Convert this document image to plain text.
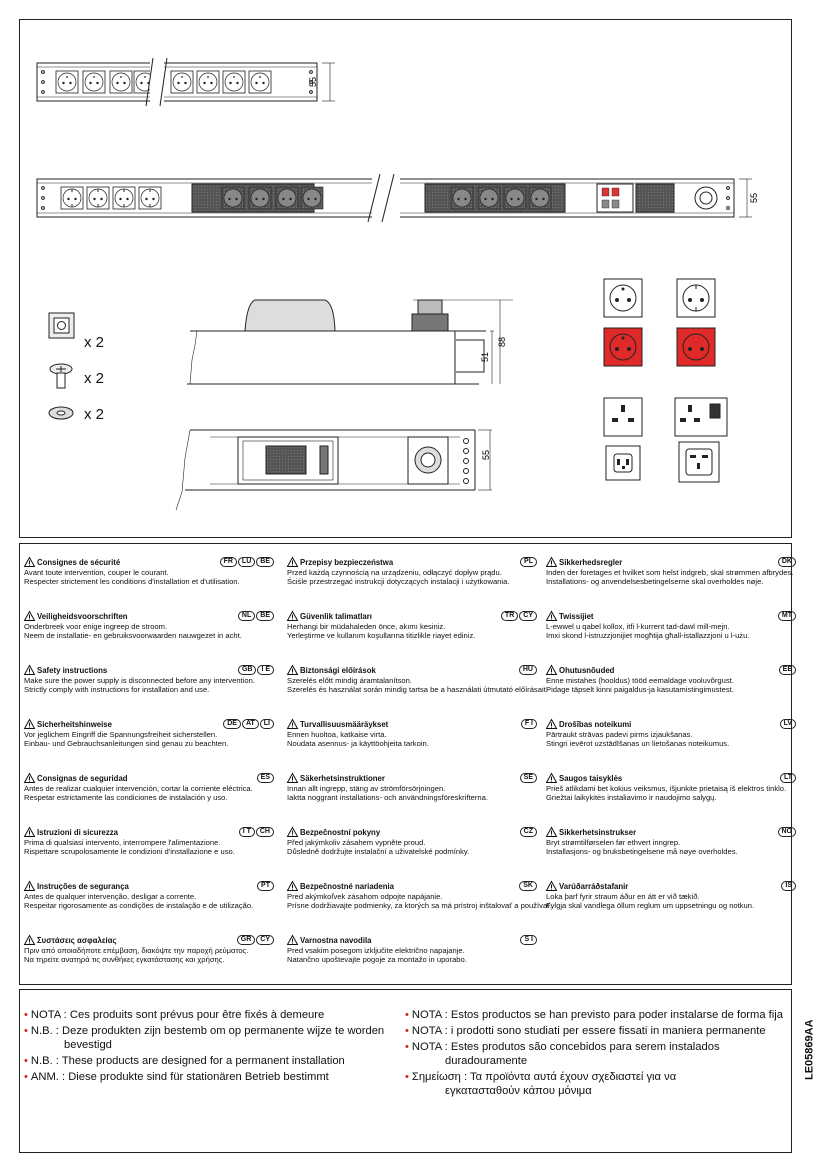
55
55
88
51
55
x 2
x 2
x 2
Consignes de sécurité	FR	LU	BE

Avant toute intervention, couper le courant.

Respecter strictement les conditions d'installation et d'utilisation.

Veiligheidsvoorschriften	NL	BE

Onderbreek voor enige ingreep de stroom.

Neem de installatie- en gebruiksvoorwaarden nauwgezet in acht.

Safety instructions	GB	I E

Make sure the power supply is disconnected before any intervention.

Strictly comply with instructions for installation and use.

Sicherheitshinweise	DE	AT	LI

Vor jeglichem Eingriff die Spannungsfreiheit sicherstellen.

Einbau- und Gebrauchsanleitungen sind genau zu beachten.

Consignas de seguridad	ES

Antes de realizar cualquier intervención, cortar la corriente eléctrica.

Respetar estrictamente las condiciones de instalación y uso.

Istruzioni di sicurezza	I T	CH

Prima di qualsiasi intervento, interrompere l'alimentazione.

Rispettare scrupolosamente le condizioni d'installazione e uso.

Instruções de segurança	PT

Antes de qualquer intervenção, desligar a corrente.

Respeitar rigorosamente as condições de instalação e de utilização.

Συστάσεις ασφαλείας	GR	CY

Πριν από οποιαδήποτε επέμβαση, διακόψτε την παροχή ρεύματος.

Να τηρείτε ανατηρά τις συνθήκες εγκατάστασης και χρήσης.

Przepisy bezpieczeństwa	PL

Przed każdą czynnością na urządzeniu, odłączyć dopływ prądu.

Ściśle przestrzegać instrukcji dotyczących instalacji i użytkowania.

Güvenlik talimatları	TR	CY

Herhangi bir müdahaleden önce, akımı kesiniz.

Yerleştirme ve kullanım koşullarına titizlikle riayet ediniz.

Biztonsági előírások	HU

Szerelés előtt mindig áramtalanítson.

Szerelés és használat során mindig tartsa be a használati útmutató előírásait.

Turvallisuusmääräykset	F I

Ennen huoltoa, katkaise virta.

Noudata asennus- ja käyttöohjeita tarkoin.

Säkerhetsinstruktioner	SE

Innan allt ingrepp, stäng av strömförsörjningen.

Iaktta noggrant installations- och användningsföreskrifterna.

Bezpečnostní pokyny	CZ

Před jakýmkoliv zásahem vypněte proud.

Důsledně dodržujte instalační a uživatelské podmínky.

Bezpečnostné nariadenia	SK

Pred akýmkoľvek zásahom odpojte napájanie.

Prísne dodržiavajte podmienky, za ktorých sa má prístroj inštalovať a používať.

Varnostna navodila	S I

Pred vsakim posegom izključite električno napajanje.

Natančno upoštevajte pogoje za montažo in uporabo.

Sikkerhedsregler	DK

Inden der foretages et hvilket som helst indgreb, skal strømmen afbrydes.

Installations- og anvendelsesbetingelserne skal overholdes nøje.

Twissijiet	MT

L-ewwel u qabel kollox, itfi l-kurrent tad-dawl mill-mejn.

Imxi skond l-istruzzjonijiet mogħtija għall-istallazzjoni u l-użu.

Ohutusnõuded	EE

Enne mistahes (hooldus) tööd eemaldage vooluvõrgust.

Pidage täpselt kinni paigaldus-ja kasutamistingimustest.

Drošības noteikumi	LV

Pārtraukt strāvas padevi pirms izjaukšanas.

Stingri ievērot uzstādīšanas un lietošanas noteikumus.

Saugos taisyklės	LT

Prieš atlikdami bet kokius veiksmus, išjunkite prietaisą iš elektros tinklo.

Griežtai laikykitės instaliavimo ir naudojimo salygų.

Sikkerhetsinstrukser	NO

Bryt strømtilførselen før ethvert inngrep.

Installasjons- og bruksbetingelsene må nøye overholdes.

Varúðarráðstafanir	IS

Loka þarf fyrir straum áður en átt er við tækið.

Fylgja skal vandlega öllum reglum um uppsetningu og notkun.

• NOTA : Ces produits sont prévus pour être fixés à demeure
• N.B. : Deze produkten zijn bestemb om op permanente wijze te worden
bevestigd
• N.B. : These products are designed for a permanent installation
• ANM. : Diese produkte sind für stationären Betrieb bestimmt
• NOTA : Estos productos se han previsto para poder instalarse de forma fija
• NOTA : i prodotti sono studiati per essere fissati in maniera permanente
• NOTA : Estes produtos são concebidos para serem instalados
duradouramente
• Σημείωση : Τα προϊόντα αυτά έχουν σχεδιαστεί για να
εγκατασταθούν κάπου μόνιμα
LE05869AA
